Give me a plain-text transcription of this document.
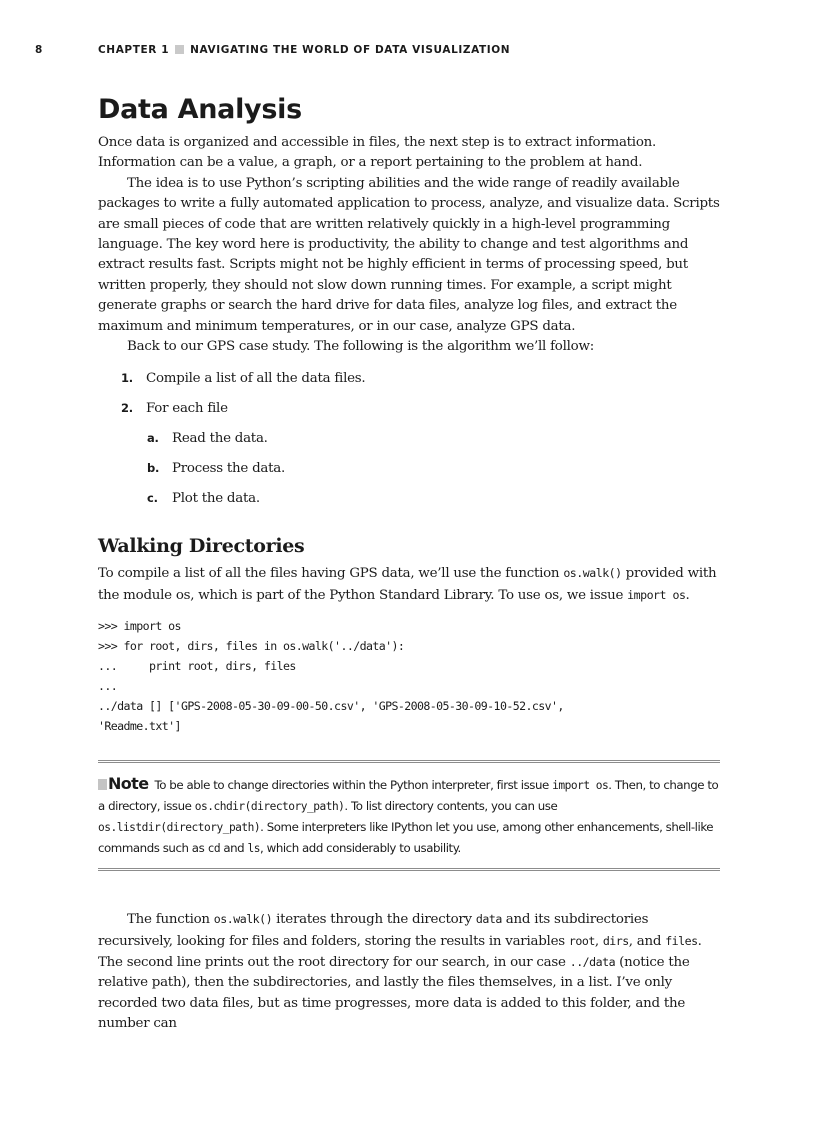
8	CHAPTER 1 NAVIGATING THE WORLD OF DATA VISUALIZATION
Data Analysis

Once data is organized and accessible in files, the next step is to extract information. Information can be a value, a graph, or a report pertaining to the problem at hand.

The idea is to use Python’s scripting abilities and the wide range of readily available packages to write a fully automated application to process, analyze, and visualize data. Scripts are small pieces of code that are written relatively quickly in a high-level programming language. The key word here is productivity, the ability to change and test algorithms and extract results fast. Scripts might not be highly efficient in terms of processing speed, but written properly, they should not slow down running times. For example, a script might generate graphs or search the hard drive for data files, analyze log files, and extract the maximum and minimum temperatures, or in our case, analyze GPS data.

Back to our GPS case study. The following is the algorithm we’ll follow:

1. Compile a list of all the data files.
2. For each file
a. Read the data.
b. Process the data.
c. Plot the data.
Walking Directories

To compile a list of all the files having GPS data, we’ll use the function os.walk() provided with the module os, which is part of the Python Standard Library. To use os, we issue import os.

>>> import os
>>> for root, dirs, files in os.walk('../data'):
...     print root, dirs, files
...
../data [] ['GPS-2008-05-30-09-00-50.csv', 'GPS-2008-05-30-09-10-52.csv',
'Readme.txt']

Note To be able to change directories within the Python interpreter, first issue import os. Then, to change to a directory, issue os.chdir(directory_path). To list directory contents, you can use os.listdir(directory_path). Some interpreters like IPython let you use, among other enhancements, shell-like commands such as cd and ls, which add considerably to usability.

The function os.walk() iterates through the directory data and its subdirectories recursively, looking for files and folders, storing the results in variables root, dirs, and files. The second line prints out the root directory for our search, in our case ../data (notice the relative path), then the subdirectories, and lastly the files themselves, in a list. I’ve only recorded two data files, but as time progresses, more data is added to this folder, and the number can
